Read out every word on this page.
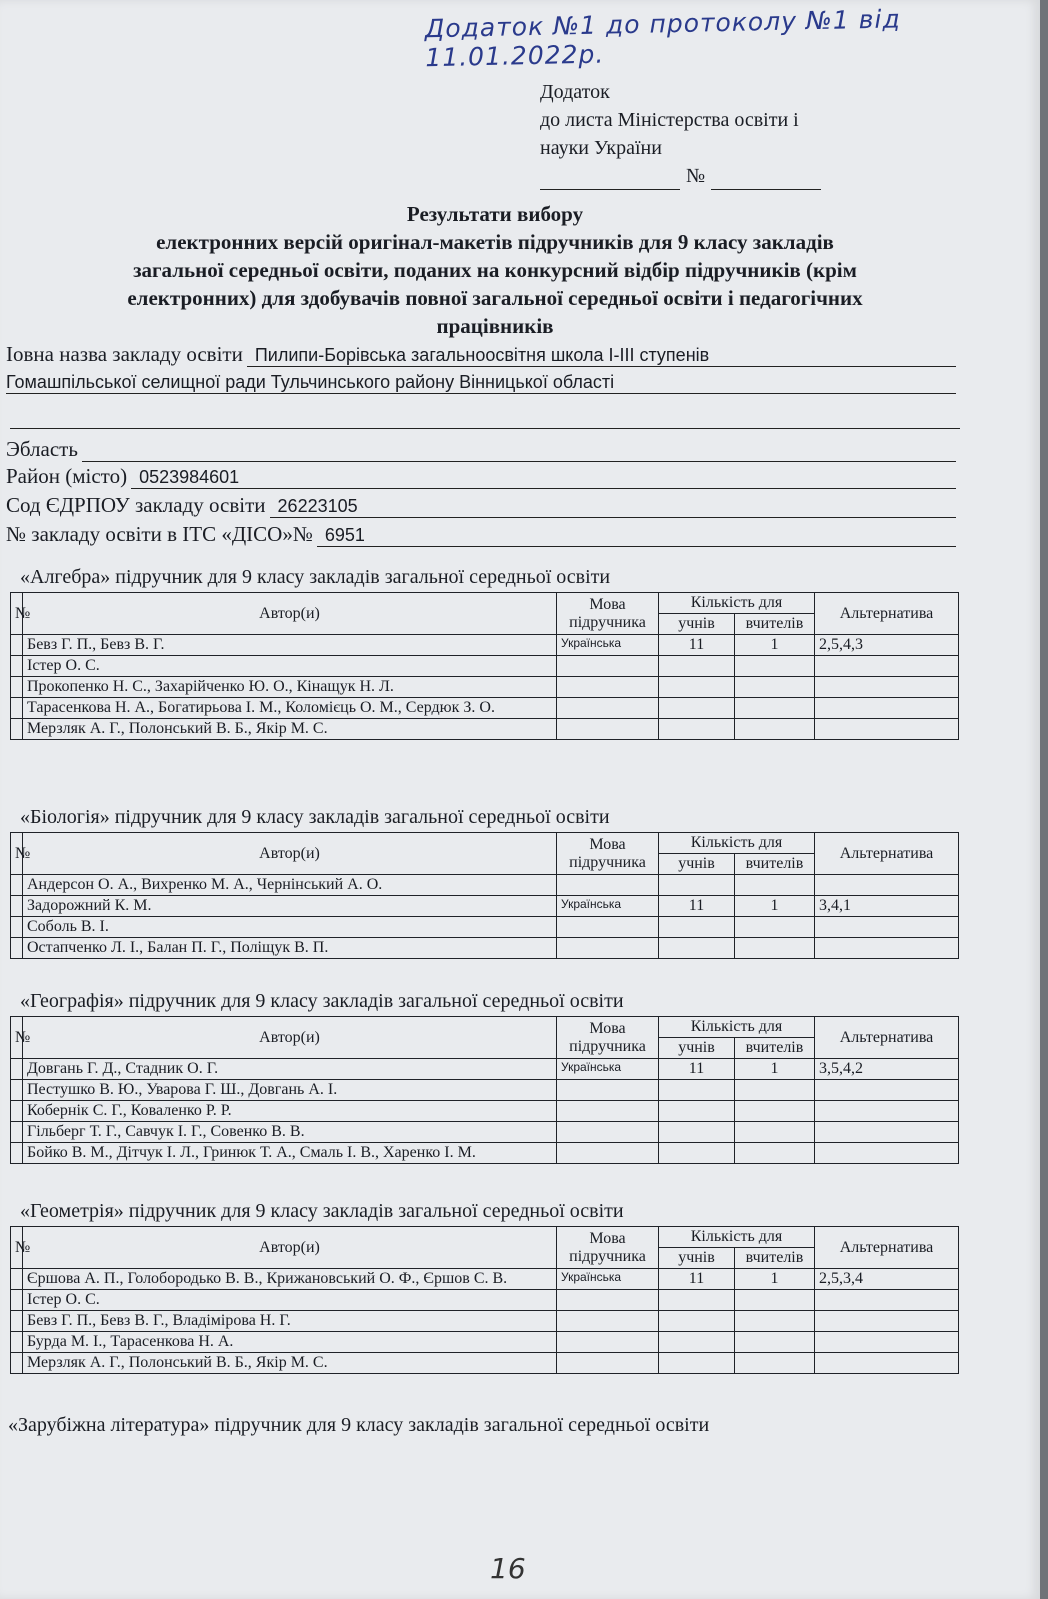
Додаток №1 до протоколу №1 від 11.01.2022р.
Додаток
до листа Міністерства освіти і
науки України
№
Результати вибору
електронних версій оригінал-макетів підручників для 9 класу закладів
загальної середньої освіти, поданих на конкурсний відбір підручників (крім
електронних) для здобувачів повної загальної середньої освіти і педагогічних
працівників
Iовна назва закладу освіти Пилипи-Борівська загальноосвітня школа I-III ступенів
Гомашпільської селищної ради Тульчинського району Вінницької області
Эбласть
Район (місто) 0523984601
Сод ЄДРПОУ закладу освіти 26223105
№ закладу освіти в ІТС «ДІСО»№ 6951
«Алгебра» підручник для 9 класу закладів загальної середньої освіти
№	Автор(и)	Мова підручника	Кількість для		Альтернатива
			учнів	вчителів	
	Бевз Г. П., Бевз В. Г.	Українська	11	1	2,5,4,3
	Істер О. С.				
	Прокопенко Н. С., Захарійченко Ю. О., Кінащук Н. Л.				
	Тарасенкова Н. А., Богатирьова І. М., Коломієць О. М., Сердюк З. О.				
	Мерзляк А. Г., Полонський В. Б., Якір М. С.				
«Біологія» підручник для 9 класу закладів загальної середньої освіти
№	Автор(и)	Мова підручника	Кількість для		Альтернатива
			учнів	вчителів	
	Андерсон О. А., Вихренко М. А., Чернінський А. О.				
	Задорожний К. М.	Українська	11	1	3,4,1
	Соболь В. І.				
	Остапченко Л. І., Балан П. Г., Поліщук В. П.				
«Географія» підручник для 9 класу закладів загальної середньої освіти
№	Автор(и)	Мова підручника	Кількість для		Альтернатива
			учнів	вчителів	
	Довгань Г. Д., Стадник О. Г.	Українська	11	1	3,5,4,2
	Пестушко В. Ю., Уварова Г. Ш., Довгань А. І.				
	Кобернік С. Г., Коваленко Р. Р.				
	Гільберг Т. Г., Савчук І. Г., Совенко В. В.				
	Бойко В. М., Дітчук І. Л., Гринюк Т. А., Смаль І. В., Харенко І. М.				
«Геометрія» підручник для 9 класу закладів загальної середньої освіти
№	Автор(и)	Мова підручника	Кількість для		Альтернатива
			учнів	вчителів	
	Єршова А. П., Голобородько В. В., Крижановський О. Ф., Єршов С. В.	Українська	11	1	2,5,3,4
	Істер О. С.				
	Бевз Г. П., Бевз В. Г., Владімірова Н. Г.				
	Бурда М. І., Тарасенкова Н. А.				
	Мерзляк А. Г., Полонський В. Б., Якір М. С.				
«Зарубіжна література» підручник для 9 класу закладів загальної середньої освіти
16
